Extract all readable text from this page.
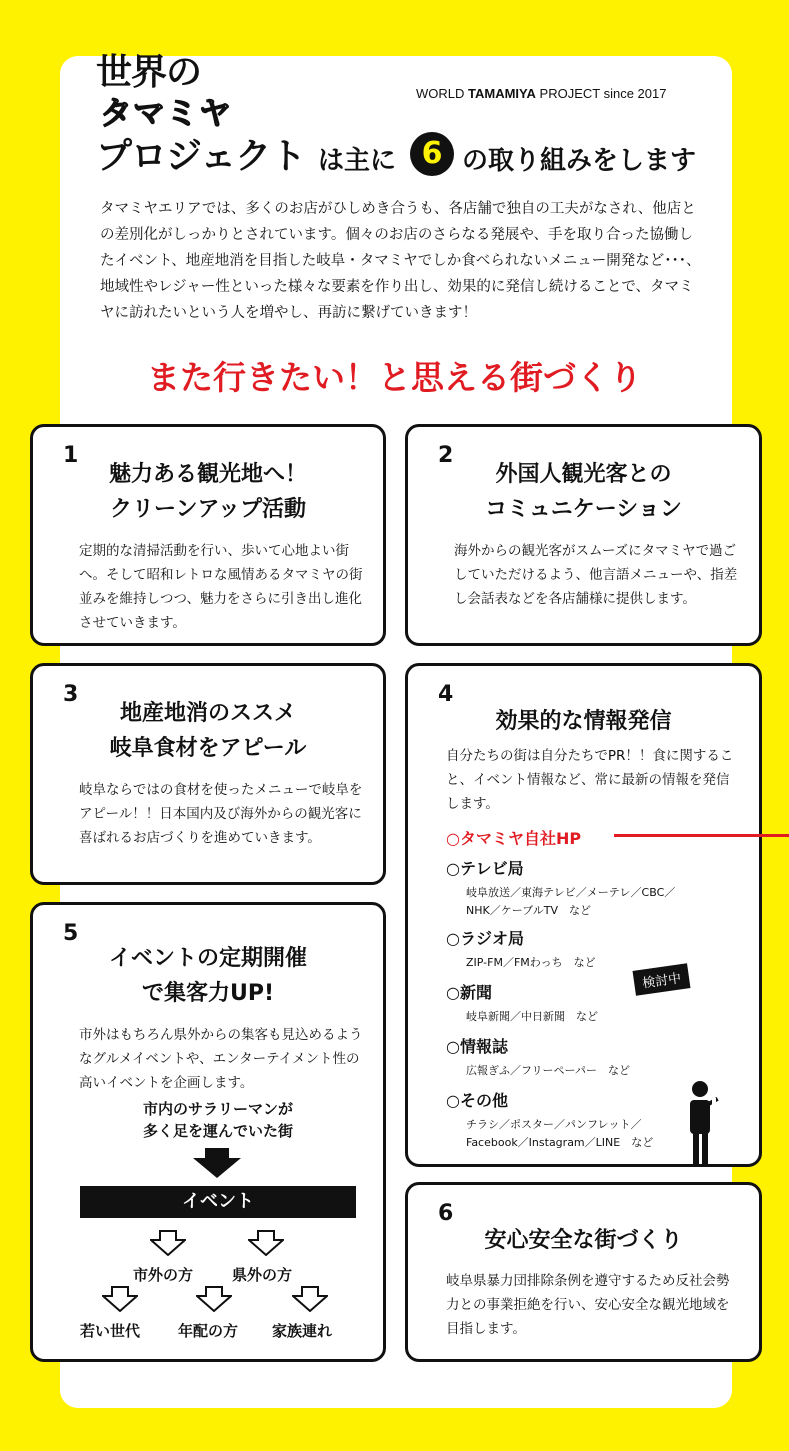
世界の
タマミヤ
プロジェクト は主に 6 の取り組みをします
WORLD TAMAMIYA PROJECT since 2017
タマミヤエリアでは、多くのお店がひしめき合うも、各店舗で独自の工夫がなされ、他店との差別化がしっかりとされています。個々のお店のさらなる発展や、手を取り合った協働したイベント、地産地消を目指した岐阜・タマミヤでしか食べられないメニュー開発など･･･、地域性やレジャー性といった様々な要素を作り出し、効果的に発信し続けることで、タマミヤに訪れたいという人を増やし、再訪に繋げていきます！
また行きたい！と思える街づくり
1
魅力ある観光地へ！
クリーンアップ活動
定期的な清掃活動を行い、歩いて心地よい街へ。そして昭和レトロな風情あるタマミヤの街並みを維持しつつ、魅力をさらに引き出し進化させていきます。
2
外国人観光客との
コミュニケーション
海外からの観光客がスムーズにタマミヤで過ごしていただけるよう、他言語メニューや、指差し会話表などを各店舗様に提供します。
3
地産地消のススメ
岐阜食材をアピール
岐阜ならではの食材を使ったメニューで岐阜をアピール！！日本国内及び海外からの観光客に喜ばれるお店づくりを進めていきます。
4
効果的な情報発信
自分たちの街は自分たちでPR！！食に関すること、イベント情報など、常に最新の情報を発信します。
○タマミヤ自社HP
○テレビ局
岐阜放送／東海テレビ／メーテレ／CBC／
NHK／ケーブルTV　など
○ラジオ局
ZIP-FM／FMわっち　など
○新聞
岐阜新聞／中日新聞　など
○情報誌
広報ぎふ／フリーペーパー　など
○その他
チラシ／ポスター／パンフレット／
Facebook／Instagram／LINE　など
検討中
5
イベントの定期開催
で集客力UP!
市外はもちろん県外からの集客も見込めるようなグルメイベントや、エンターテイメント性の高いイベントを企画します。
市内のサラリーマンが
多く足を運んでいた街
イベント
市外の方	県外の方
若い世代	年配の方 家族連れ
6
安心安全な街づくり
岐阜県暴力団排除条例を遵守するため反社会勢力との事業拒絶を行い、安心安全な観光地域を目指します。
